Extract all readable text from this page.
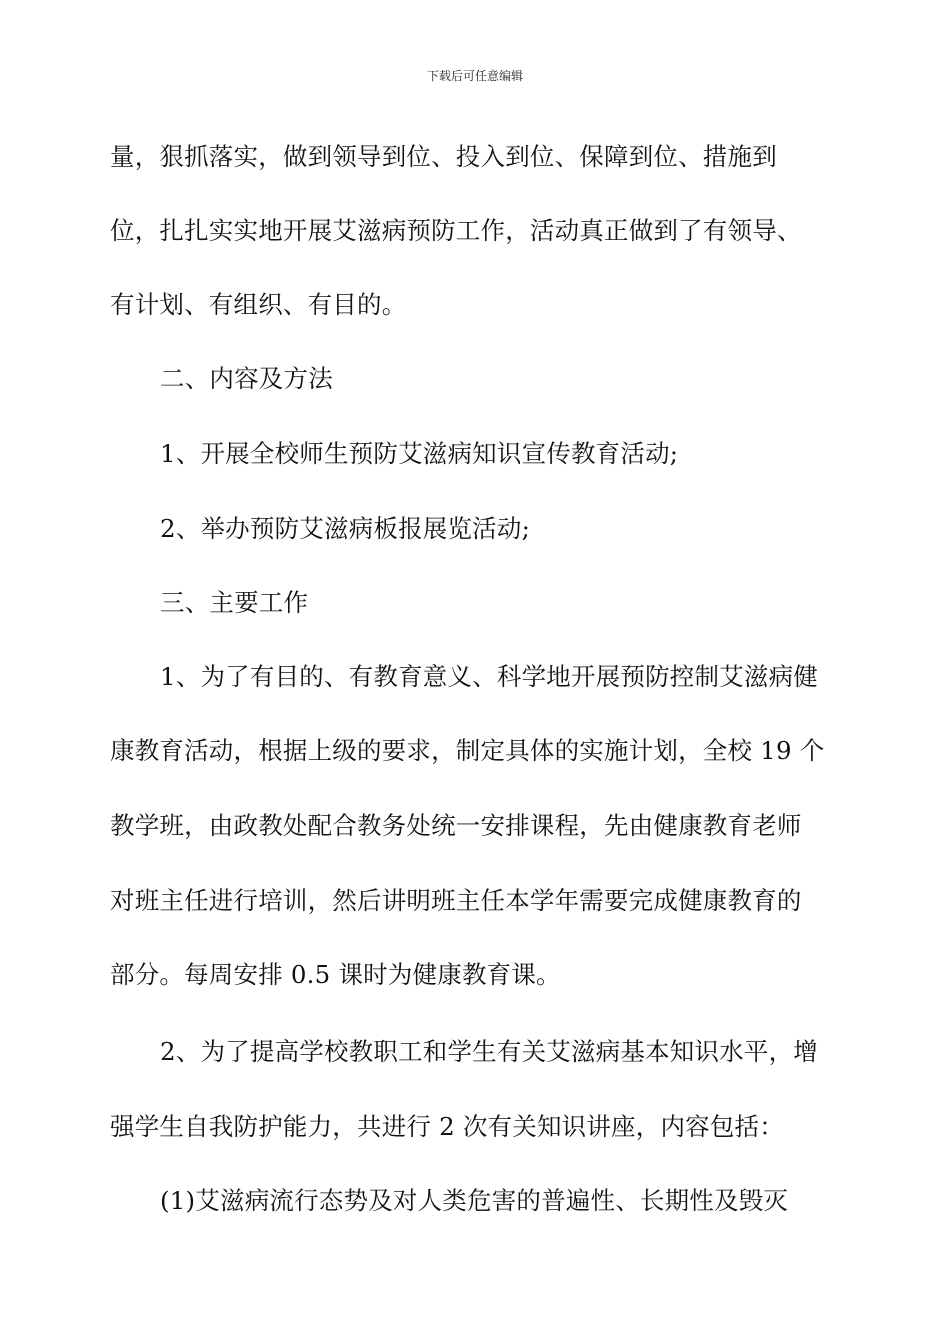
下载后可任意编辑
量，狠抓落实，做到领导到位、投入到位、保障到位、措施到
位，扎扎实实地开展艾滋病预防工作，活动真正做到了有领导、
有计划、有组织、有目的。
二、内容及方法
1、开展全校师生预防艾滋病知识宣传教育活动;
2、举办预防艾滋病板报展览活动;
三、主要工作
1、为了有目的、有教育意义、科学地开展预防控制艾滋病健
康教育活动，根据上级的要求，制定具体的实施计划，全校 19 个
教学班，由政教处配合教务处统一安排课程，先由健康教育老师
对班主任进行培训，然后讲明班主任本学年需要完成健康教育的
部分。每周安排 0.5 课时为健康教育课。
2、为了提高学校教职工和学生有关艾滋病基本知识水平，增
强学生自我防护能力，共进行 2 次有关知识讲座，内容包括：
(1)艾滋病流行态势及对人类危害的普遍性、长期性及毁灭
